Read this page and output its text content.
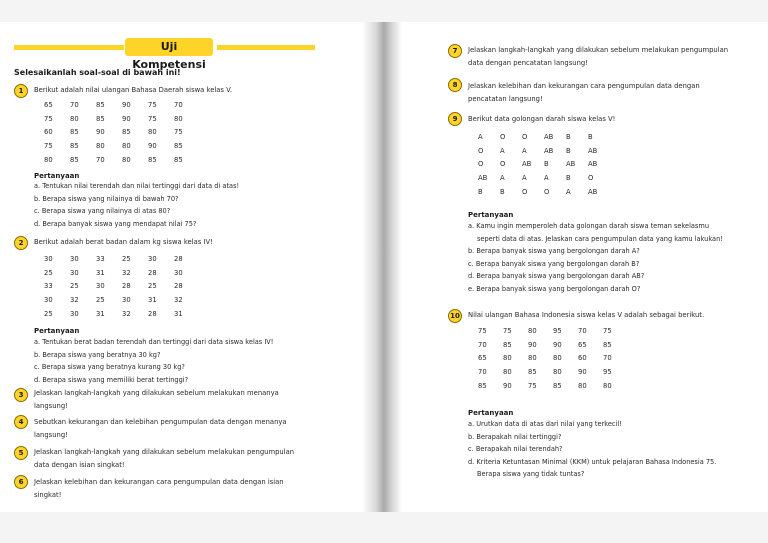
Uji Kompetensi
Selesaikanlah soal-soal di bawah ini!
1	Berikut adalah nilai ulangan Bahasa Daerah siswa kelas V.
65	70	85	90	75	70
75	80	85	90	75	80
60	85	90	85	80	75
75	85	80	80	90	85
80	85	70	80	85	85
Pertanyaan
a. Tentukan nilai terendah dan nilai tertinggi dari data di atas!
b. Berapa siswa yang nilainya di bawah 70?
c. Berapa siswa yang nilainya di atas 80?
d. Berapa banyak siswa yang mendapat nilai 75?
2	Berikut adalah berat badan dalam kg siswa kelas IV!
30	30	33	25	30	28
25	30	31	32	28	30
33	25	30	28	25	28
30	32	25	30	31	32
25	30	31	32	28	31
Pertanyaan
a. Tentukan berat badan terendah dan tertinggi dari data siswa kelas IV!
b. Berapa siswa yang beratnya 30 kg?
c. Berapa siswa yang beratnya kurang 30 kg?
d. Berapa siswa yang memiliki berat tertinggi?
3	Jelaskan langkah-langkah yang dilakukan sebelum melakukan menanya
langsung!
4	Sebutkan kekurangan dan kelebihan pengumpulan data dengan menanya
langsung!
5	Jelaskan langkah-langkah yang dilakukan sebelum melakukan pengumpulan
data dengan isian singkat!
6	Jelaskan kelebihan dan kekurangan cara pengumpulan data dengan isian
singkat!
7	Jelaskan langkah-langkah yang dilakukan sebelum melakukan pengumpulan
data dengan pencatatan langsung!
8	Jelaskan kelebihan dan kekurangan cara pengumpulan data dengan
pencatatan langsung!
9	Berikut data golongan darah siswa kelas V!
A	O	O	AB	B	B
O	A	A	AB	B	AB
O	O	AB	B	AB	AB
AB	A	A	A	B	O
B	B	O	O	A	AB
Pertanyaan
a. Kamu ingin memperoleh data golongan darah siswa teman sekelasmu
seperti data di atas. Jelaskan cara pengumpulan data yang kamu lakukan!
b. Berapa banyak siswa yang bergolongan darah A?
c. Berapa banyak siswa yang bergolongan darah B?
d. Berapa banyak siswa yang bergolongan darah AB?
e. Berapa banyak siswa yang bergolongan darah O?
10	Nilai ulangan Bahasa Indonesia siswa kelas V adalah sebagai berikut.
75	75	80	95	70	75
70	85	90	90	65	85
65	80	80	80	60	70
70	80	85	80	90	95
85	90	75	85	80	80
Pertanyaan
a. Urutkan data di atas dari nilai yang terkecil!
b. Berapakah nilai tertinggi?
c. Berapakah nilai terendah?
d. Kriteria Ketuntasan Minimal (KKM) untuk pelajaran Bahasa Indonesia 75.
Berapa siswa yang tidak tuntas?
